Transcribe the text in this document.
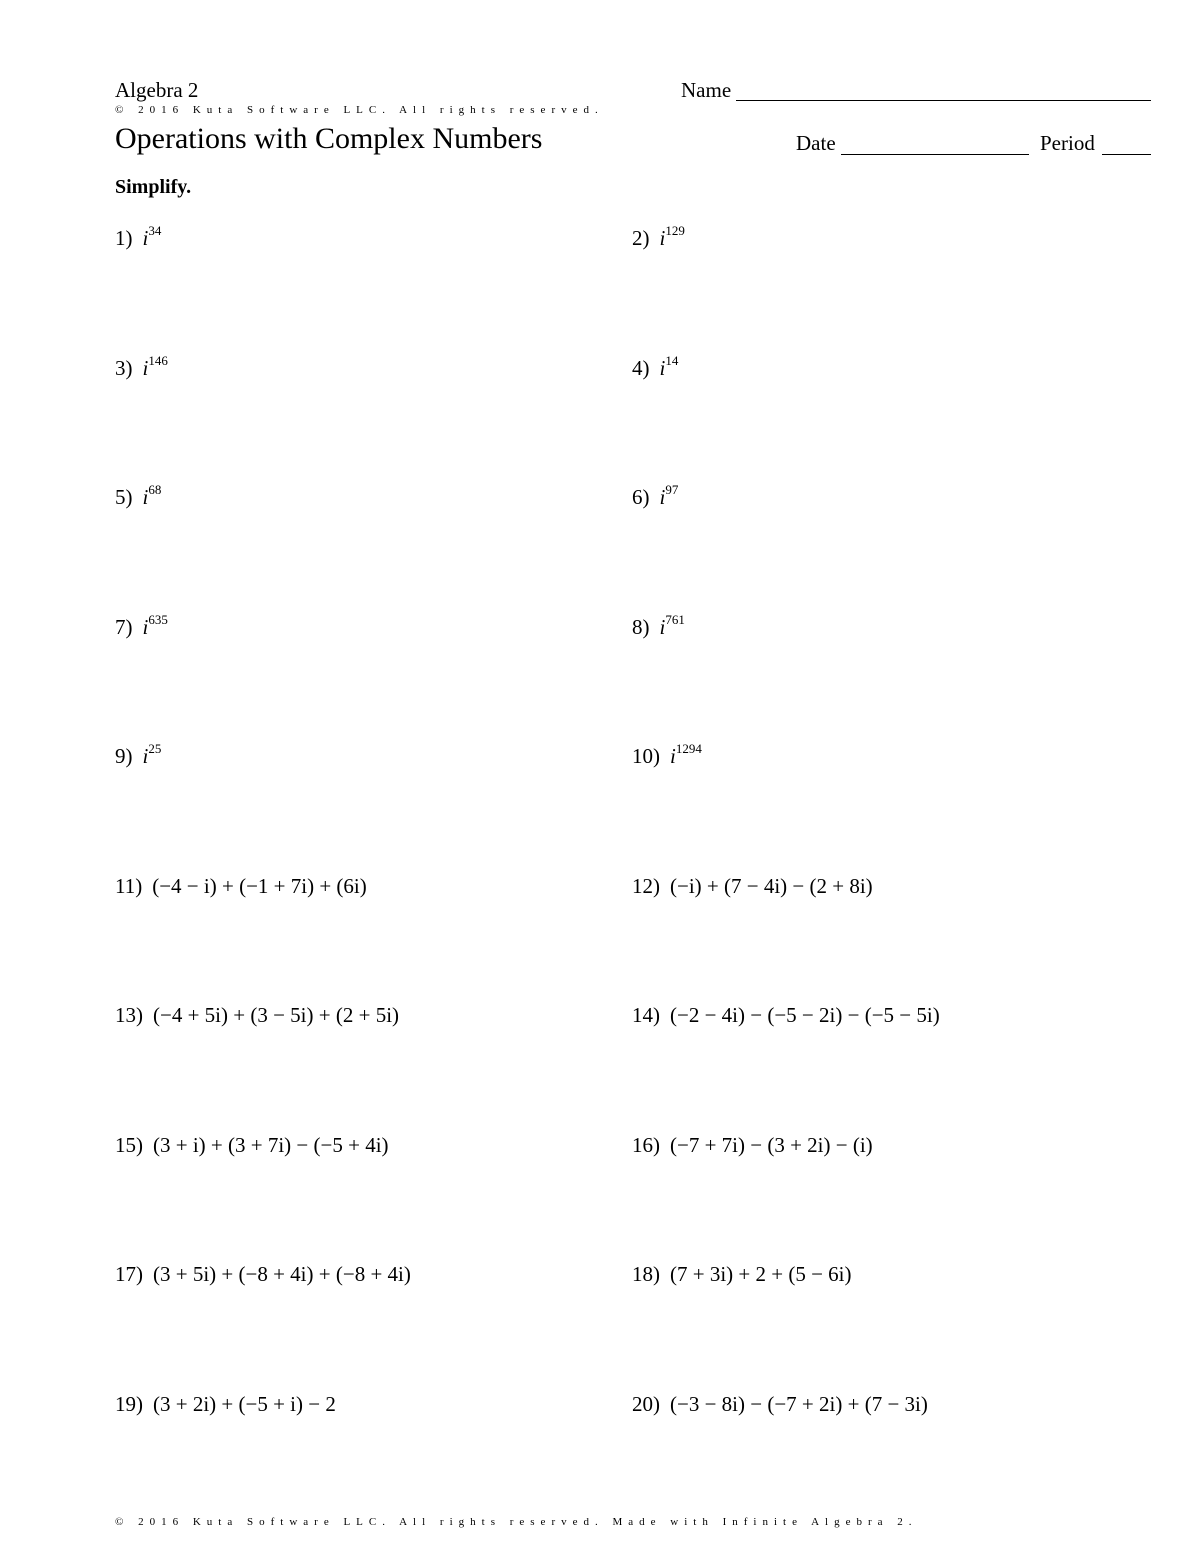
Algebra 2
© 2016 Kuta Software LLC. All rights reserved.
Operations with Complex Numbers
Name
Date	Period
Simplify.
1) $i^{34}$	2) $i^{129}$
3) $i^{146}$	4) $i^{14}$
5) $i^{68}$	6) $i^{97}$
7) $i^{635}$	8) $i^{761}$
9) $i^{25}$	10) $i^{1294}$
11) (−4 − i) + (−1 + 7i) + (6i)	12) (−i) + (7 − 4i) − (2 + 8i)
13) (−4 + 5i) + (3 − 5i) + (2 + 5i)	14) (−2 − 4i) − (−5 − 2i) − (−5 − 5i)
15) (3 + i) + (3 + 7i) − (−5 + 4i)	16) (−7 + 7i) − (3 + 2i) − (i)
17) (3 + 5i) + (−8 + 4i) + (−8 + 4i)	18) (7 + 3i) + 2 + (5 − 6i)
19) (3 + 2i) + (−5 + i) − 2	20) (−3 − 8i) − (−7 + 2i) + (7 − 3i)
© 2016 Kuta Software LLC. All rights reserved. Made with Infinite Algebra 2.
